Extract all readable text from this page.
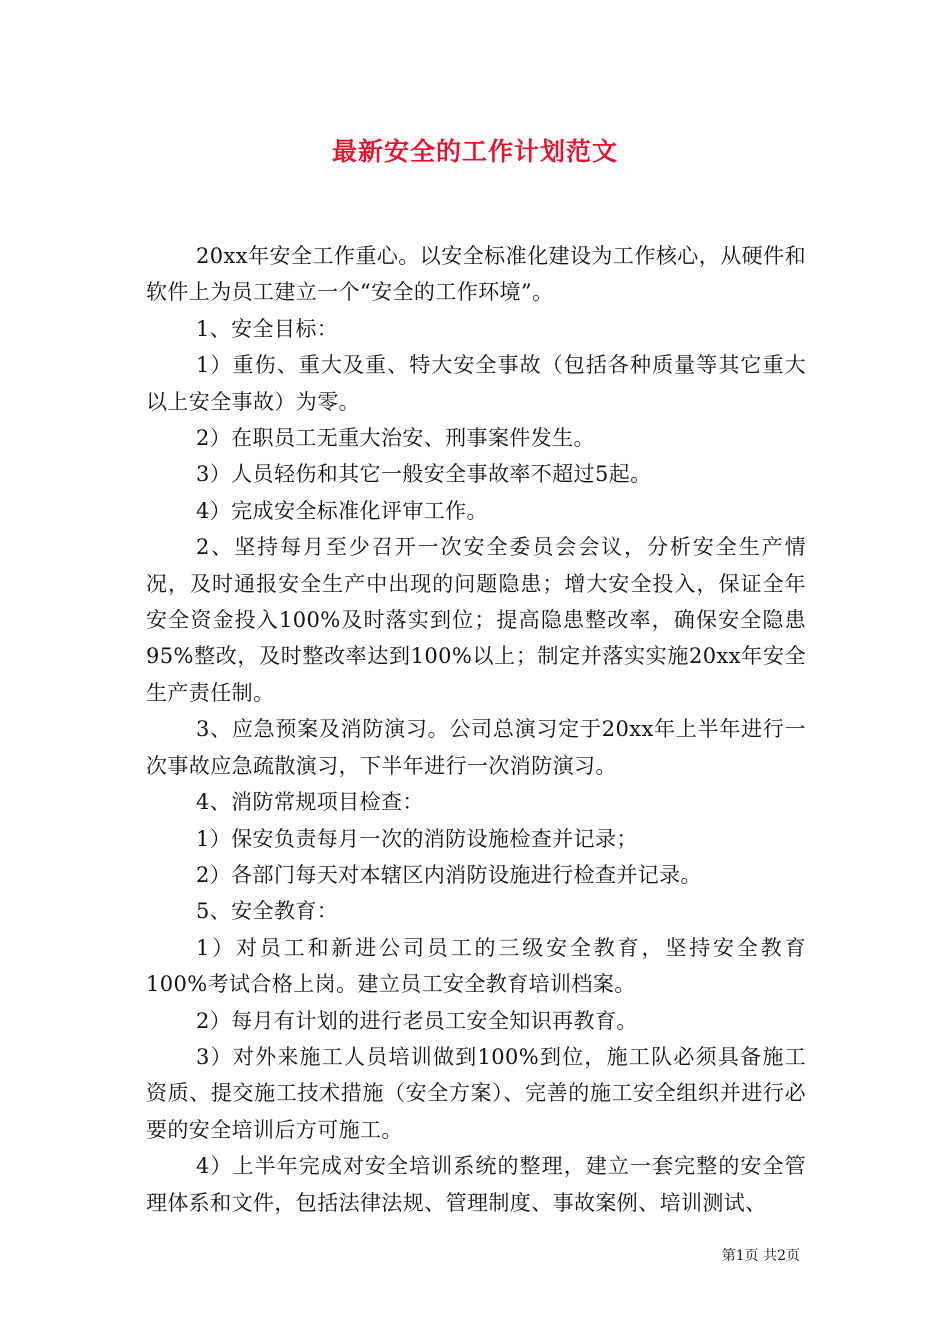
最新安全的工作计划范文

20xx年安全工作重心。以安全标准化建设为工作核心，从硬件和软件上为员工建立一个“安全的工作环境”。

1、安全目标：

1）重伤、重大及重、特大安全事故（包括各种质量等其它重大以上安全事故）为零。

2）在职员工无重大治安、刑事案件发生。

3）人员轻伤和其它一般安全事故率不超过5起。

4）完成安全标准化评审工作。

2、坚持每月至少召开一次安全委员会会议，分析安全生产情况，及时通报安全生产中出现的问题隐患；增大安全投入，保证全年安全资金投入100%及时落实到位；提高隐患整改率，确保安全隐患95%整改，及时整改率达到100%以上；制定并落实实施20xx年安全生产责任制。

3、应急预案及消防演习。公司总演习定于20xx年上半年进行一次事故应急疏散演习，下半年进行一次消防演习。

4、消防常规项目检查：

1）保安负责每月一次的消防设施检查并记录；

2）各部门每天对本辖区内消防设施进行检查并记录。

5、安全教育：

1）对员工和新进公司员工的三级安全教育，坚持安全教育100%考试合格上岗。建立员工安全教育培训档案。

2）每月有计划的进行老员工安全知识再教育。

3）对外来施工人员培训做到100%到位，施工队必须具备施工资质、提交施工技术措施（安全方案）、完善的施工安全组织并进行必要的安全培训后方可施工。

4）上半年完成对安全培训系统的整理，建立一套完整的安全管理体系和文件，包括法律法规、管理制度、事故案例、培训测试、

第1页 共2页
